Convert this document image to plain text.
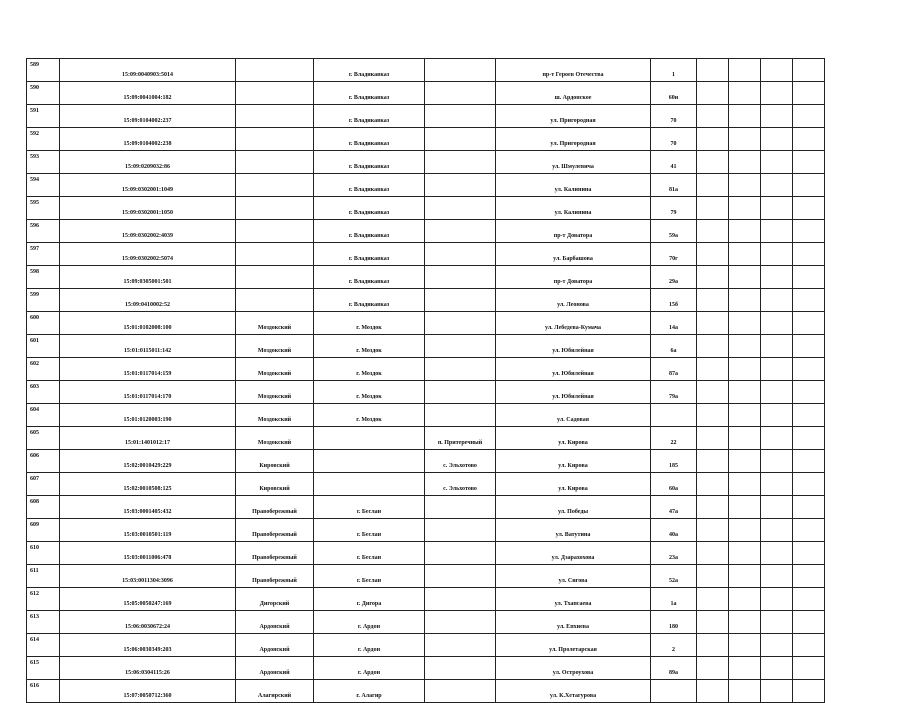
589	15:09:0040903:5014		г. Владикавказ		пр-т Героев Отечества	1				
590	15:09:0041004:182		г. Владикавказ		ш. Ардонское	60и				
591	15:09:0104002:237		г. Владикавказ		ул. Пригородная	70				
592	15:09:0104002:238		г. Владикавказ		ул. Пригородная	70				
593	15:09:0209032:86		г. Владикавказ		ул. Шмулевича	41				
594	15:09:0302001:1049		г. Владикавказ		ул. Калинина	81а				
595	15:09:0302001:1050		г. Владикавказ		ул. Калинина	79				
596	15:09:0302002:4039		г. Владикавказ		пр-т Доватора	59а				
597	15:09:0302002:5074		г. Владикавказ		ул. Барбашова	70г				
598	15:09:0305001:501		г. Владикавказ		пр-т Доватора	29а				
599	15:09:0410002:52		г. Владикавказ		ул. Леонова	15б				
600	15:01:0102008:100	Моздокский	г. Моздок		ул. Лебедева-Кумача	14а				
601	15:01:0115011:142	Моздокский	г. Моздок		ул. Юбилейная	6а				
602	15:01:0117014:159	Моздокский	г. Моздок		ул. Юбилейная	87а				
603	15:01:0117014:170	Моздокский	г. Моздок		ул. Юбилейная	79а				
604	15:01:0120003:190	Моздокский	г. Моздок		ул. Садовая					
605	15:01:1401012:17	Моздокский		п. Притеречный	ул. Кирова	22				
606	15:02:0010429:229	Кировский		с. Эльхотово	ул. Кирова	185				
607	15:02:0010508:125	Кировский		с. Эльхотово	ул. Кирова	60а				
608	15:03:0001405:432	Правобережный	г. Беслан		ул. Победы	47а				
609	15:03:0010501:119	Правобережный	г. Беслан		ул. Ватутина	40а				
610	15:03:0011006:478	Правобережный	г. Беслан		ул. Дзарахохова	23а				
611	15:03:0011304:3096	Правобережный	г. Беслан		ул. Сигова	52а				
612	15:05:0050247:169	Дигорский	г. Дигора		ул. Тхапсаева	1а				
613	15:06:0030672:24	Ардонский	г. Ардон		ул. Епхиева	180				
614	15:06:0030349:203	Ардонский	г. Ардон		ул. Пролетарская	2				
615	15:06:0304115:26	Ардонский	г. Ардон		ул. Остроухова	89а				
616	15:07:0050712:360	Алагирский	г. Алагир		ул. К.Хетагурова					
